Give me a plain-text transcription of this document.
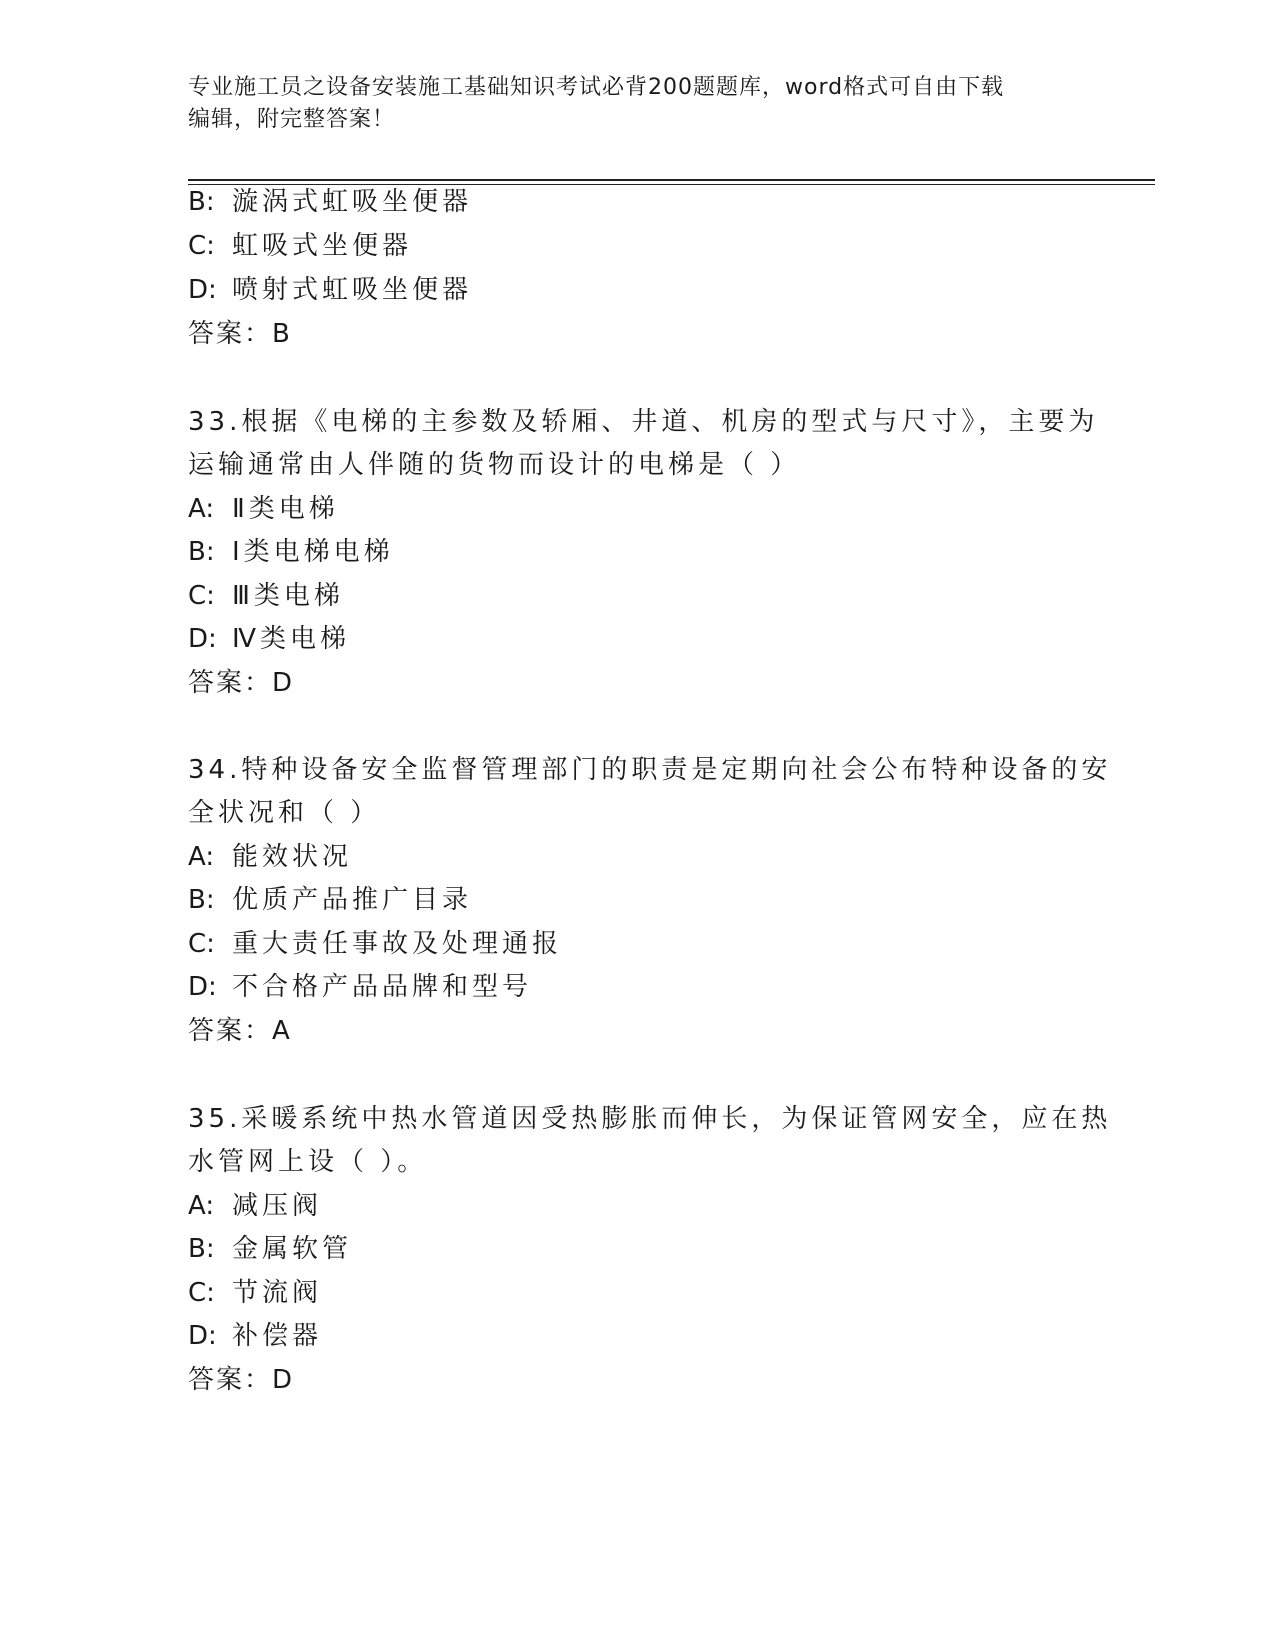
专业施工员之设备安装施工基础知识考试必背200题题库，word格式可自由下载
编辑，附完整答案！
B: 漩涡式虹吸坐便器
C: 虹吸式坐便器
D: 喷射式虹吸坐便器
答案：B
33.根据《电梯的主参数及轿厢、井道、机房的型式与尺寸》，主要为
运输通常由人伴随的货物而设计的电梯是（ ）
A: Ⅱ类电梯
B: Ⅰ类电梯电梯
C: Ⅲ类电梯
D: Ⅳ类电梯
答案：D
34.特种设备安全监督管理部门的职责是定期向社会公布特种设备的安
全状况和（ ）
A: 能效状况
B: 优质产品推广目录
C: 重大责任事故及处理通报
D: 不合格产品品牌和型号
答案：A
35.采暖系统中热水管道因受热膨胀而伸长，为保证管网安全，应在热
水管网上设（ ）。
A: 减压阀
B: 金属软管
C: 节流阀
D: 补偿器
答案：D
